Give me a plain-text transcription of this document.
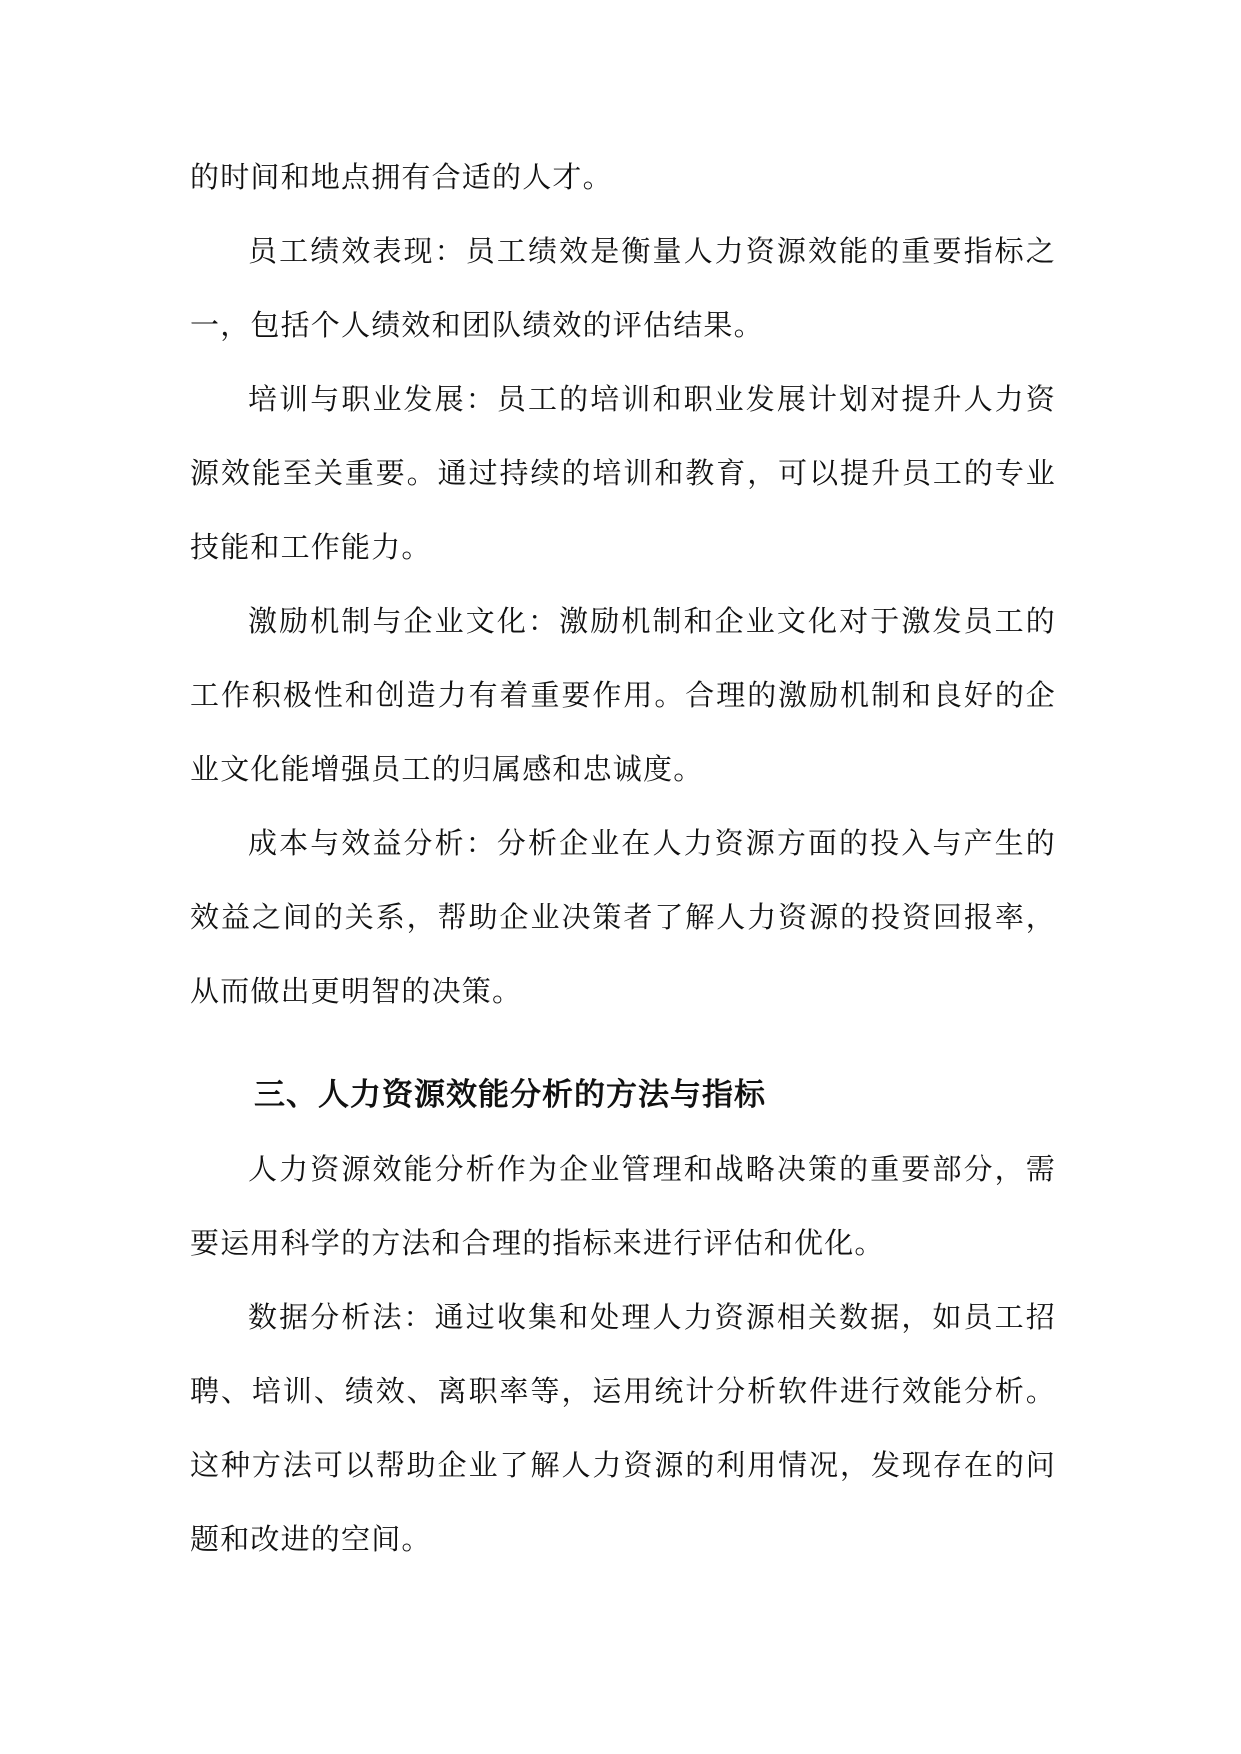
的时间和地点拥有合适的人才。

员工绩效表现：员工绩效是衡量人力资源效能的重要指标之一，包括个人绩效和团队绩效的评估结果。

培训与职业发展：员工的培训和职业发展计划对提升人力资源效能至关重要。通过持续的培训和教育，可以提升员工的专业技能和工作能力。

激励机制与企业文化：激励机制和企业文化对于激发员工的工作积极性和创造力有着重要作用。合理的激励机制和良好的企业文化能增强员工的归属感和忠诚度。

成本与效益分析：分析企业在人力资源方面的投入与产生的效益之间的关系，帮助企业决策者了解人力资源的投资回报率，从而做出更明智的决策。

三、人力资源效能分析的方法与指标

人力资源效能分析作为企业管理和战略决策的重要部分，需要运用科学的方法和合理的指标来进行评估和优化。

数据分析法：通过收集和处理人力资源相关数据，如员工招聘、培训、绩效、离职率等，运用统计分析软件进行效能分析。这种方法可以帮助企业了解人力资源的利用情况，发现存在的问题和改进的空间。
